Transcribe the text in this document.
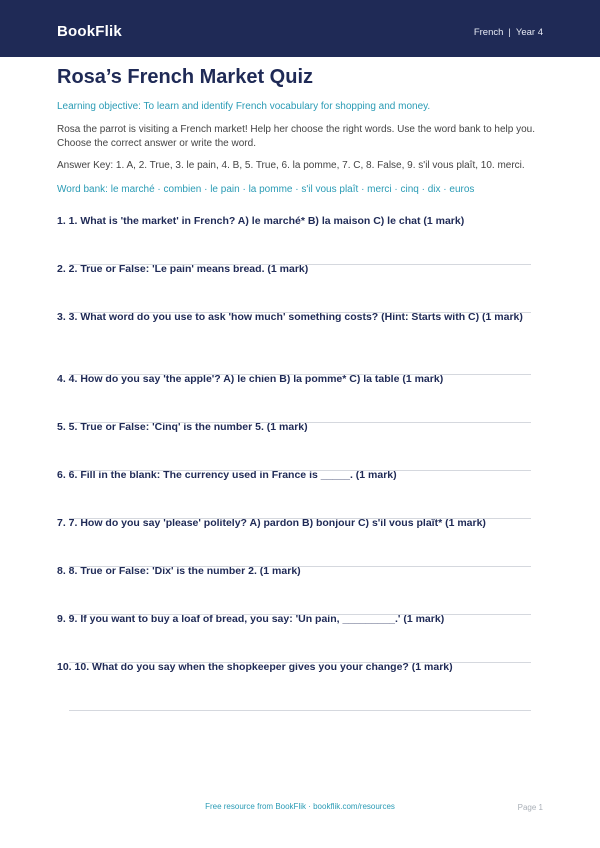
BookFlik	French | Year 4
Rosa’s French Market Quiz
Learning objective: To learn and identify French vocabulary for shopping and money.
Rosa the parrot is visiting a French market! Help her choose the right words. Use the word bank to help you. Choose the correct answer or write the word.
Answer Key: 1. A, 2. True, 3. le pain, 4. B, 5. True, 6. la pomme, 7. C, 8. False, 9. s'il vous plaît, 10. merci.
Word bank: le marché · combien · le pain · la pomme · s'il vous plaît · merci · cinq · dix · euros
1. 1. What is 'the market' in French? A) le marché* B) la maison C) le chat (1 mark)
2. 2. True or False: 'Le pain' means bread. (1 mark)
3. 3. What word do you use to ask 'how much' something costs? (Hint: Starts with C) (1 mark)
4. 4. How do you say 'the apple'? A) le chien B) la pomme* C) la table (1 mark)
5. 5. True or False: 'Cinq' is the number 5. (1 mark)
6. 6. Fill in the blank: The currency used in France is _____. (1 mark)
7. 7. How do you say 'please' politely? A) pardon B) bonjour C) s'il vous plaît* (1 mark)
8. 8. True or False: 'Dix' is the number 2. (1 mark)
9. 9. If you want to buy a loaf of bread, you say: 'Un pain, _________.' (1 mark)
10. 10. What do you say when the shopkeeper gives you your change? (1 mark)
Free resource from BookFlik · bookflik.com/resources	Page 1
